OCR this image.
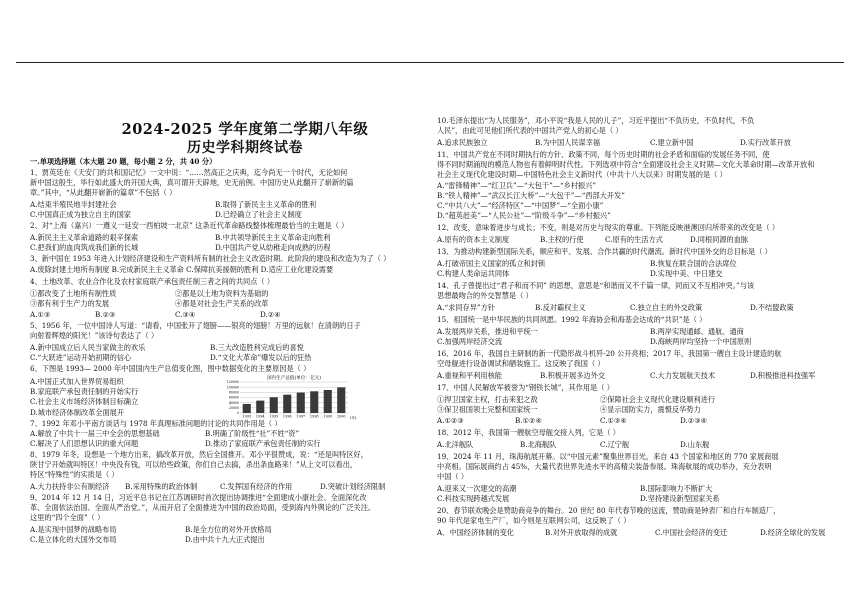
2024-2025 学年度第二学期八年级
历史学科期终试卷
一.单项选择题（本大题 20 题，每小题 2 分，共 40 分）
1、贾英廷在《天安门的共和国记忆》一文中说：“……然高正之庆典，迄今尚无一个时代，无论如何
新中国这般生，毕行如此盛大的开国大典，真可谓开天辟地，史无前例。中国历史从此翻开了崭新的篇
章。”其中，“从此翻开崭新的篇章”不包括（ ）
A.结束半殖民地半封建社会	B.取得了新民主主义革命的胜利
C.中国真正成为独立自主的国家	D.已经确立了社会主义制度
2、对“上海（嘉兴）一遵义一延安一西柏坡一北京” 这条近代革命路线整体梳理最恰当的主题是（ ）
A.新民主主义革命道路的艰辛探索	B.中共领导新民主主义革命走向胜利
C.把我们的血肉筑成我们新的长城	D.中国共产党从幼稚走向成熟的历程
3、新中国在 1953 年进入计划经济建设和生产资料所有制的社会主义改造时期。此阶段的建设和改造为为了（ ）
A.废除封建土地所有制度 B.完成新民主主义革命 C.保障抗美援朝的胜利 D.适应工业化建设需要
4、土地改革、农业合作化及农村家庭联产承包责任制三者之间的共同点（ ）
①都改变了土地所有制性质	②都是以土地为资料为基础的
③都有利于生产力的发展	④都是对社会生产关系的改革
A.①③	B.②③	C.③④	D.②④
5、1956 年，一位中国诗人写道：“请看，中国张开了翅膀——银亮的翅膀！万里的远航！在清朗的日子
向射着辉煌的阳光！”该诗句表达了（ ）
A.新中国成立后人民当家做主的欢乐	B.三大改造胜利完成后的喜悦
C.“大跃进”运动开始初期的信心	D.“文化大革命”爆发以后的狂热
6、下图是 1993— 2000 年中国国内生产总值变化图，图中数据变化的主要原因是（ ）
A.中国正式加入世界贸易组织
B.家庭联产承包责任制的开始实行
C.社会主义市场经济体制目标确立
D.城市经济体制改革全面展开
国内生产总值(单位：亿元)
120000
100000
80000
60000
40000
20000
0
1993 1994 1995 1996 1997 1998 1999 2000 (年)
7、1992 年邓小平南方谈话与 1978 年真理标准问题的讨论的共同作用是（ ）
A.解放了中共十一届三中全会的思想基础	B.明确了阶级性“社”不姓“资”
C.解决了人们思想认识的重大问题	D.推动了家庭联产承包责任制的实行
8、1979 年冬，设想是一个地方出来，搞改革开放，然后全国推开。邓小平很赞成，说：“还是叫特区好，
陕甘宁开始就叫特区！中央没有钱，可以给些政策，你们自己去搞，杀出条血路来！”从上文可以看出，
特区“特殊性”的实质是（ ）
A.大力扶持非公有制经济 B.采用特殊的政治体制	C.发挥国有经济的作用	D.突破计划经济限制
9、2014 年 12 月 14 日，习近平总书记在江苏调研时首次提出协调推进“全面建成小康社会、全面深化改
革、全面依法治国、全面从严治党。”，从而开启了全面推进为中国的政治局面，受到海内外舆论的广泛关注。
这里的“四个全面”（ ）
A.是实现中国梦的战略布局	B.是全方位的对外开放格局
C.是立体化的大国外交布局	D.由中共十九大正式提出
10.毛泽东提出“为人民服务”，邓小平说“我是人民的儿子”，习近平提出“不负历史，不负时代，不负
人民”，由此可见他们所代表的中国共产党人的初心是（ ）
A.追求民族独立	B.为中国人民谋幸福	C.建立新中国	D.实行改革开放
11、中国共产党在不同时期执行的方针、政策不同，每个历史时期的社会矛盾和面临的发展任务不同，使
得不同时期涌现的模范人物也有着鲜明时代性。下列选项中符合“全面建设社会主义时期—文化大革命时期—改革开放和
社会主义现代化建设时期—中国特色社会主义新时代（中共十八大以来）时期发展的是（ ）
A.“雷锋精神”—“红卫兵”—“大包干”—“乡村振兴”
B.“铁人精神”—“武汉长江大桥”—“大包干”—“西部大开发”
C.“中共八大”—“经济特区”—“中国梦”—“全面小康”
D.“超英赶美”—“人民公社”—“阶级斗争”—“乡村振兴”
12、改变，意味着进步与成长；不变，则是对历史与现实的尊重。下列能反映港澳回归所带来的改变是（ ）
A.原有的资本主义制度	B.主权的行使	C.原有的生活方式	D.同根同源的血脉
13、为推动构建新型国际关系，顺应和平、发展、合作共赢的时代潮流。新时代中国外交的总目标是（ ）
A.打破帝国主义国家的孤立和封锁	B.恢复在联合国的合法席位
C.构建人类命运共同体	D.实现中美、中日建交
14、孔子曾提出过“君子和而不同” 的思想，意思是“和谐而又不千篇一律，同而又不互相冲突。”与该
思想最吻合的外交智慧是（ ）
A.“求同存异”方针	B.反对霸权主义	C.独立自主的外交政策	D.不结盟政策
15、祖国统一是中华民族的共同夙愿。1992 年海协会和海基会达成的“共识”是（ ）
A.发展两岸关系，推进和平统一	B.两岸实现通邮、通航、通商
C.加强两岸经济交流	D.海峡两岸均坚持一个中国原则
16、2016 年，我国自主研制的新一代隐形战斗机歼-20 公开亮相；2017 年，我国第一艘自主设计建造的航
空母舰进行设备调试和舾装施工。这反映了我国（ ）
A.重视和平利用核能	B.积极开展多边外交	C.大力发展航天技术	D.积极推进科技强军
17、中国人民解放军被誉为“钢铁长城”，其作用是（ ）
①捍卫国家主权，打击来犯之敌	②保障社会主义现代化建设顺利进行
③保卫祖国领土完整和国家统一	④显示国防实力，震慑反华势力
A.①②③	B.①②④	C.①③④	D.②③④
18、2012 年，我国第一艘航空母舰交接入列，它是（ ）
A.北洋舰队	B.北海舰队	C.辽宁舰	D.山东舰
19、2024 年 11 月，珠海航展开幕。以“中国元素”聚集世界目光，来自 43 个国家和地区的 770 家展商展
中亮相。国际展商约占 45%，大量代表世界先进水平的高精尖装备参展。珠海航展的成功举办，充分表明
中国（ ）
A.迎来又一次建交的高潮	B.国际影响力不断扩大
C.科技实现跨越式发展	D.坚持建设新型国家关系
20、春节联欢晚会是赞助商竞争的舞台。20 世纪 80 年代春节晚的送流，赞助商是钟表厂和自行车制造厂，
90 年代是家电生产厂，如今则是互联网公司，这反映了（ ）
A．中国经济体制的变化	B.对外开放取得的成就	C.中国社会经济的变迁	D.经济全球化的发展
